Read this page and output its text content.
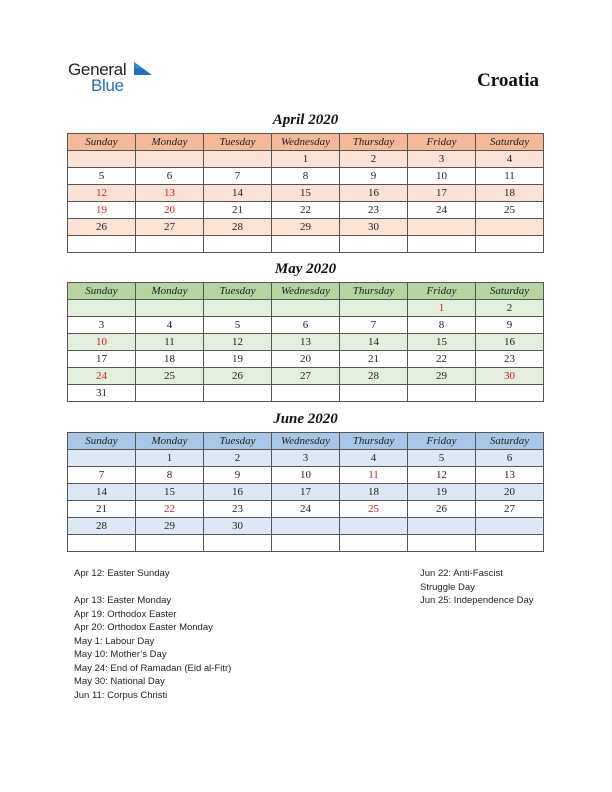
General
Blue	Croatia
April 2020
Sunday	Monday	Tuesday	Wednesday	Thursday	Friday	Saturday
			1	2	3	4
5	6	7	8	9	10	11
12	13	14	15	16	17	18
19	20	21	22	23	24	25
26	27	28	29	30		

May 2020
Sunday	Monday	Tuesday	Wednesday	Thursday	Friday	Saturday
					1	2
3	4	5	6	7	8	9
10	11	12	13	14	15	16
17	18	19	20	21	22	23
24	25	26	27	28	29	30
31						
June 2020
Sunday	Monday	Tuesday	Wednesday	Thursday	Friday	Saturday
	1	2	3	4	5	6
7	8	9	10	11	12	13
14	15	16	17	18	19	20
21	22	23	24	25	26	27
28	29	30				

Apr 12: Easter Sunday
Apr 13: Easter Monday
Apr 19: Orthodox Easter
Apr 20: Orthodox Easter Monday
May 1: Labour Day
May 10: Mother’s Day
May 24: End of Ramadan (Eid al-Fitr)
May 30: National Day
Jun 11: Corpus Christi
Jun 22: Anti-Fascist
Struggle Day
Jun 25: Independence Day
